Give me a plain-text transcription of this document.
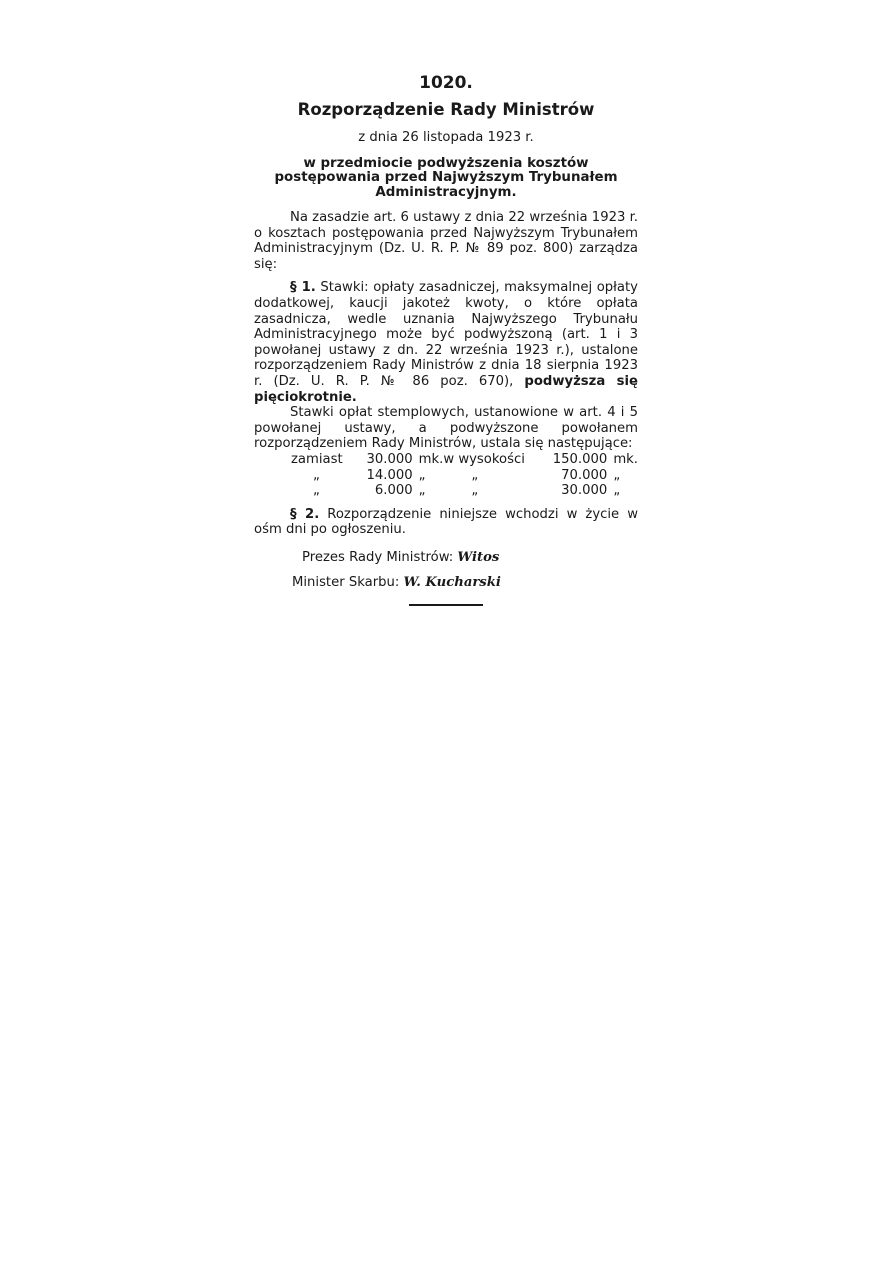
1020.
Rozporządzenie Rady Ministrów
z dnia 26 listopada 1923 r.
w przedmiocie podwyższenia kosztów postępowania przed Najwyższym Trybunałem Administracyjnym.

Na zasadzie art. 6 ustawy z dnia 22 września 1923 r. o kosztach postępowania przed Najwyższym Trybunałem Administracyjnym (Dz. U. R. P. № 89 poz. 800) zarządza się:

§ 1. Stawki: opłaty zasadniczej, maksymalnej opłaty dodatkowej, kaucji jakoteż kwoty, o które opłata zasadnicza, wedle uznania Najwyższego Trybunału Administracyjnego może być podwyższoną (art. 1 i 3 powołanej ustawy z dn. 22 września 1923 r.), ustalone rozporządzeniem Rady Ministrów z dnia 18 sierpnia 1923 r. (Dz. U. R. P. № 86 poz. 670), podwyższa się pięciokrotnie.

Stawki opłat stemplowych, ustanowione w art. 4 i 5 powołanej ustawy, a podwyższone powołanem rozporządzeniem Rady Ministrów, ustala się następujące:

zamiast	30.000	mk.	w wysokości	150.000	mk.
„	14.000	„	„	70.000	„
„	6.000	„	„	30.000	„

§ 2. Rozporządzenie niniejsze wchodzi w życie w ośm dni po ogłoszeniu.

Prezes Rady Ministrów: Witos
Minister Skarbu: W. Kucharski
